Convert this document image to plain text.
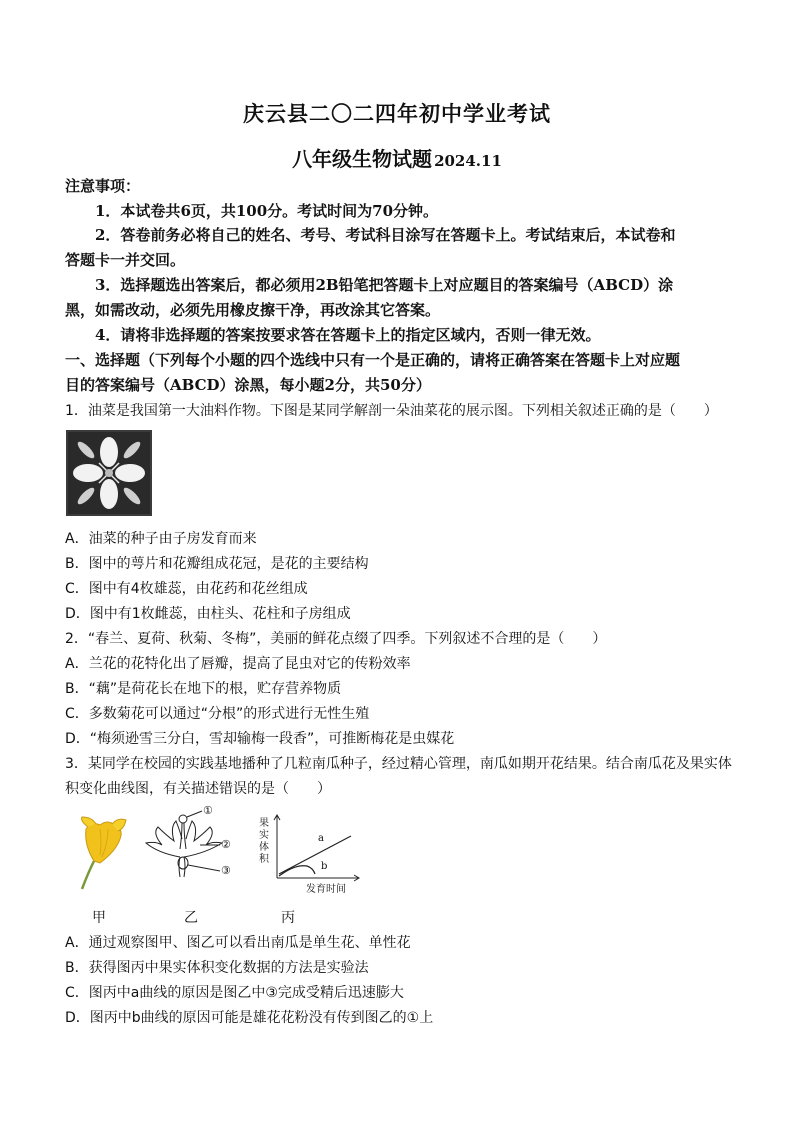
庆云县二〇二四年初中学业考试
八年级生物试题 2024.11
注意事项：
1．本试卷共6页，共100分。考试时间为70分钟。
2．答卷前务必将自己的姓名、考号、考试科目涂写在答题卡上。考试结束后，本试卷和
答题卡一并交回。
3．选择题选出答案后，都必须用2B铅笔把答题卡上对应题目的答案编号（ABCD）涂
黑，如需改动，必须先用橡皮擦干净，再改涂其它答案。
4．请将非选择题的答案按要求答在答题卡上的指定区域内，否则一律无效。
一、选择题（下列每个小题的四个选线中只有一个是正确的，请将正确答案在答题卡上对应题
目的答案编号（ABCD）涂黑，每小题2分，共50分）
1．油菜是我国第一大油料作物。下图是某同学解剖一朵油菜花的展示图。下列相关叙述正确的是（　　）
A．油菜的种子由子房发育而来
B．图中的萼片和花瓣组成花冠，是花的主要结构
C．图中有4枚雄蕊，由花药和花丝组成
D．图中有1枚雌蕊，由柱头、花柱和子房组成
2．“春兰、夏荷、秋菊、冬梅”，美丽的鲜花点缀了四季。下列叙述不合理的是（　　）
A．兰花的花特化出了唇瓣，提高了昆虫对它的传粉效率
B．“藕”是荷花长在地下的根，贮存营养物质
C．多数菊花可以通过“分根”的形式进行无性生殖
D．“梅须逊雪三分白，雪却输梅一段香”，可推断梅花是虫媒花
3．某同学在校园的实践基地播种了几粒南瓜种子，经过精心管理，南瓜如期开花结果。结合南瓜花及果实体
积变化曲线图，有关描述错误的是（　　）
①
②
③
果实体积
a
b
发育时间
甲	乙	丙
A．通过观察图甲、图乙可以看出南瓜是单生花、单性花
B．获得图丙中果实体积变化数据的方法是实验法
C．图丙中a曲线的原因是图乙中③完成受精后迅速膨大
D．图丙中b曲线的原因可能是雄花花粉没有传到图乙的①上
